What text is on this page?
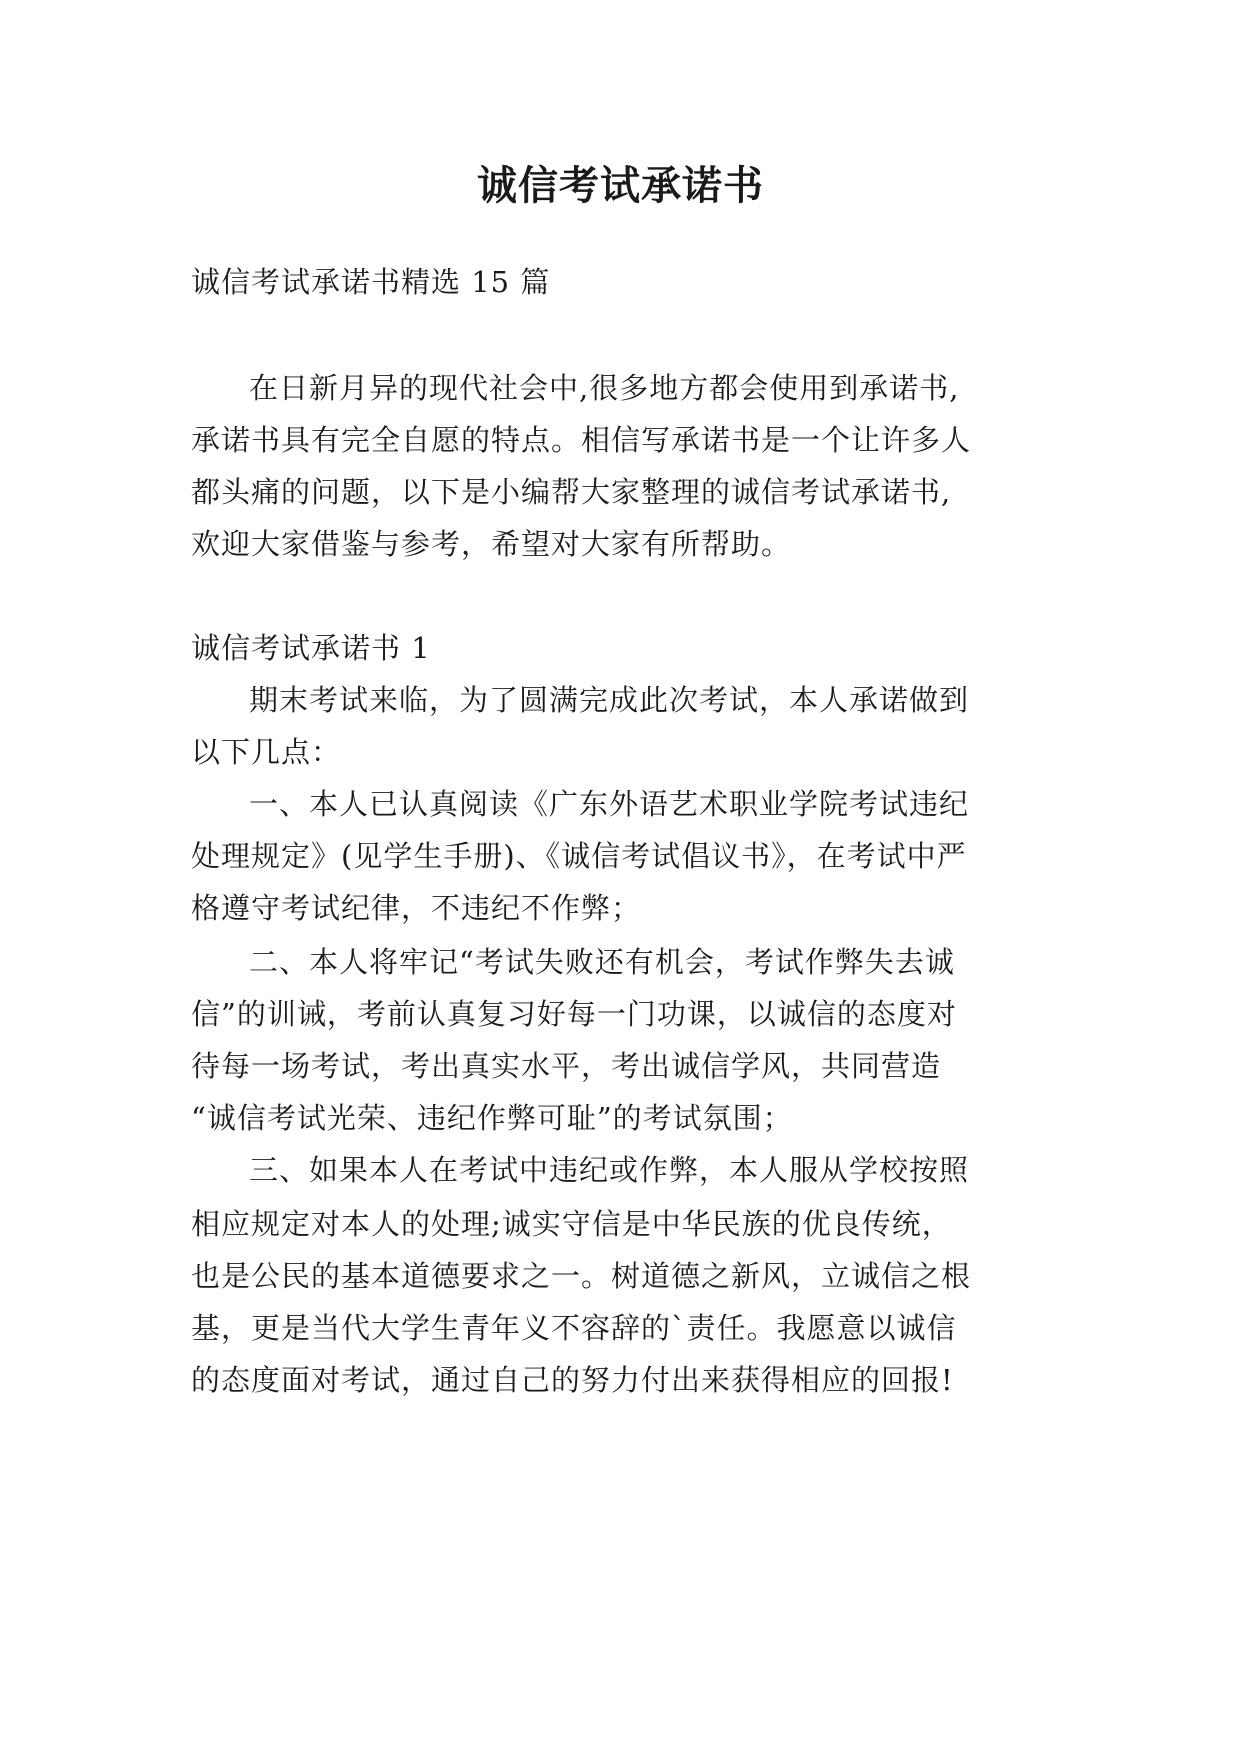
诚信考试承诺书
诚信考试承诺书精选 15 篇
在日新月异的现代社会中,很多地方都会使用到承诺书,
承诺书具有完全自愿的特点。相信写承诺书是一个让许多人
都头痛的问题，以下是小编帮大家整理的诚信考试承诺书,
欢迎大家借鉴与参考，希望对大家有所帮助。
诚信考试承诺书 1
期末考试来临，为了圆满完成此次考试，本人承诺做到
以下几点：
一、本人已认真阅读《广东外语艺术职业学院考试违纪
处理规定》(见学生手册)、《诚信考试倡议书》，在考试中严
格遵守考试纪律，不违纪不作弊；
二、本人将牢记“考试失败还有机会，考试作弊失去诚
信”的训诫，考前认真复习好每一门功课，以诚信的态度对
待每一场考试，考出真实水平，考出诚信学风，共同营造
“诚信考试光荣、违纪作弊可耻”的考试氛围；
三、如果本人在考试中违纪或作弊，本人服从学校按照
相应规定对本人的处理;诚实守信是中华民族的优良传统，
也是公民的基本道德要求之一。树道德之新风，立诚信之根
基，更是当代大学生青年义不容辞的`责任。我愿意以诚信
的态度面对考试，通过自己的努力付出来获得相应的回报!
